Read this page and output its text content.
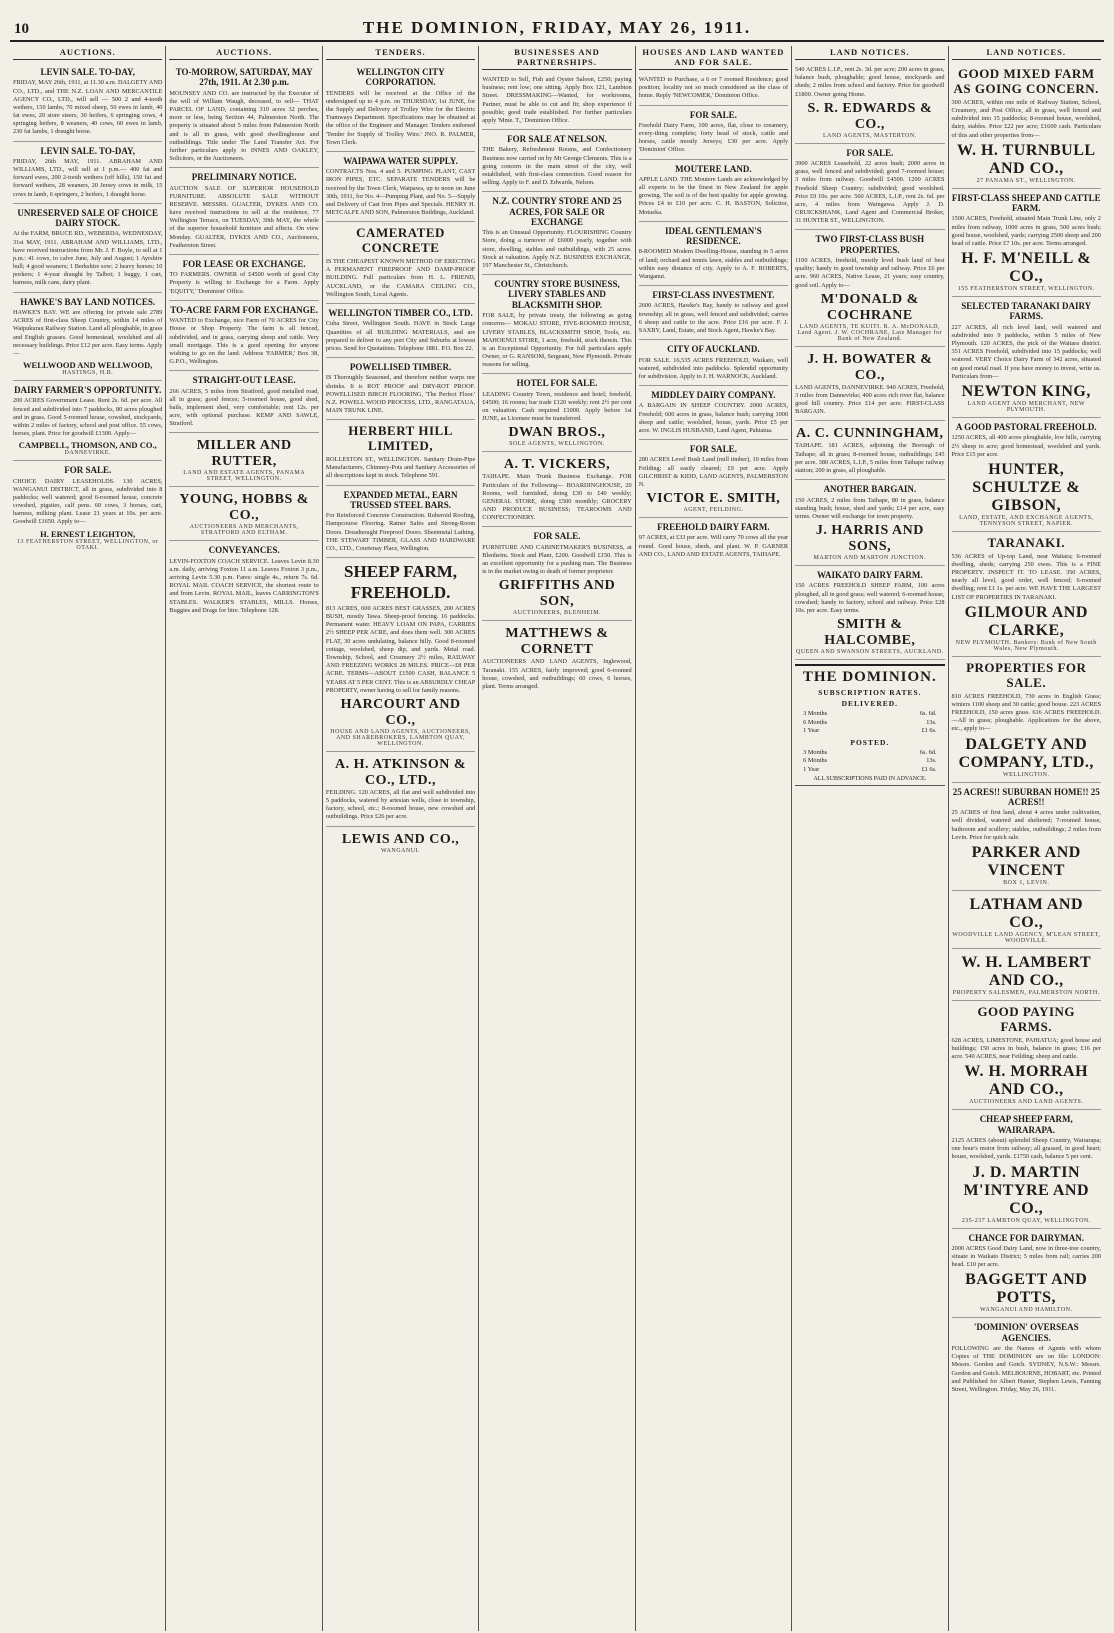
10	THE DOMINION, FRIDAY, MAY 26, 1911.
AUCTIONS.
LEVIN SALE. TO-DAY,
FRIDAY, MAY 26th, 1911, at 11.30 a.m. DALGETY AND CO., LTD., and THE N.Z. LOAN AND MERCANTILE AGENCY CO., LTD., will sell — 500 2 and 4-tooth wethers, 150 lambs, 70 mixed sheep, 50 ewes in lamb, 40 fat ewes, 20 store steers, 30 heifers, 6 springing cows, 4 springing heifers, 8 weaners, 40 cows, 60 ewes in lamb, 230 fat lambs, 1 draught horse.
LEVIN SALE. TO-DAY,
FRIDAY, 26th MAY, 1911. ABRAHAM AND WILLIAMS, LTD., will sell at 1 p.m.— 400 fat and forward ewes, 200 2-tooth wethers (off hills), 150 fat and forward wethers, 28 weaners, 20 Jersey cows in milk, 15 cows in lamb, 6 springers, 2 heifers, 1 draught horse.
UNRESERVED SALE OF CHOICE DAIRY STOCK.
At the FARM, BRUCE RD., WEBERDA, WEDNESDAY, 31st MAY, 1911. ABRAHAM AND WILLIAMS, LTD., have received instructions from Mr. J. F. Boyle, to sell at 1 p.m.: 41 cows, to calve June, July and August; 1 Ayrshire bull; 4 good weaners; 1 Berkshire sow; 2 heavy horses; 10 porkers; 1 4-year draught by Talbot; 1 buggy, 1 cart, harness, milk cans, dairy plant.
HAWKE'S BAY LAND NOTICES.
HAWKE'S BAY. WE are offering for private sale 2789 ACRES of first-class Sheep Country, within 14 miles of Waipukurau Railway Station. Land all ploughable, in grass and English grasses. Good homestead, woolshed and all necessary buildings. Price £12 per acre. Easy terms. Apply—
WELLWOOD AND WELLWOOD,
HASTINGS, H.B.
DAIRY FARMER'S OPPORTUNITY.
200 ACRES Government Lease. Rent 2s. 6d. per acre. All fenced and subdivided into 7 paddocks, 80 acres ploughed and in grass. Good 5-roomed house, cowshed, stockyards, within 2 miles of factory, school and post office. 55 cows, horses, plant. Price for goodwill £1300. Apply—
CAMPBELL, THOMSON, AND CO.,
DANNEVIRKE.
FOR SALE.
CHOICE DAIRY LEASEHOLDS. 130 ACRES, WANGANUI DISTRICT, all in grass, subdivided into 8 paddocks; well watered; good 6-roomed house, concrete cowshed, pigsties, calf pens. 60 cows, 3 horses, cart, harness, milking plant. Lease 21 years at 10s. per acre. Goodwill £1650. Apply to—
H. ERNEST LEIGHTON,
13 FEATHERSTON STREET, WELLINGTON, or OTAKI.
AUCTIONS.
TO-MORROW, SATURDAY, MAY 27th, 1911. At 2.30 p.m.
MOUNSEY AND CO. are instructed by the Executor of the will of William Waugh, deceased, to sell— THAT PARCEL OF LAND, containing 310 acres 32 perches, more or less, being Section 44, Palmerston North. The property is situated about 5 miles from Palmerston North and is all in grass, with good dwellinghouse and outbuildings. Title under The Land Transfer Act. For further particulars apply to INNES AND OAKLEY, Solicitors, or the Auctioneers.
PRELIMINARY NOTICE.
AUCTION SALE OF SUPERIOR HOUSEHOLD FURNITURE. ABSOLUTE SALE WITHOUT RESERVE. MESSRS. GUALTER, DYKES AND CO. have received instructions to sell at the residence, 77 Wellington Terrace, on TUESDAY, 30th MAY, the whole of the superior household furniture and effects. On view Monday. GUALTER, DYKES AND CO., Auctioneers, Featherston Street.
FOR LEASE OR EXCHANGE.
TO FARMERS. OWNER of £4500 worth of good City Property is willing to Exchange for a Farm. Apply 'EQUITY,' 'Dominion' Office.
TO-ACRE FARM FOR EXCHANGE.
WANTED to Exchange, nice Farm of 70 ACRES for City House or Shop Property. The farm is all fenced, subdivided, and in grass, carrying sheep and cattle. Very small mortgage. This is a good opening for anyone wishing to go on the land. Address 'FARMER,' Box 38, G.P.O., Wellington.
STRAIGHT-OUT LEASE.
266 ACRES, 5 miles from Stratford, good metalled road, all in grass; good fences; 5-roomed house, good shed, bails, implement shed, very comfortable; rent 12s. per acre, with optional purchase. KEMP AND SAWLE, Stratford.
MILLER AND RUTTER,
LAND AND ESTATE AGENTS, PANAMA STREET, WELLINGTON.
YOUNG, HOBBS & CO.,
AUCTIONEERS AND MERCHANTS, STRATFORD AND ELTHAM.
CONVEYANCES.
LEVIN-FOXTON COACH SERVICE. Leaves Levin 8.30 a.m. daily, arriving Foxton 11 a.m. Leaves Foxton 3 p.m., arriving Levin 5.30 p.m. Fares: single 4s., return 7s. 6d. ROYAL MAIL COACH SERVICE, the shortest route to and from Levin. ROYAL MAIL, leaves CARRINGTON'S STABLES. WALKER'S STABLES, MILLS. Horses, Buggies and Drags for hire. Telephone 128.
TENDERS.
WELLINGTON CITY CORPORATION.
TENDERS will be received at the Office of the undersigned up to 4 p.m. on THURSDAY, 1st JUNE, for the Supply and Delivery of Trolley Wire for the Electric Tramways Department. Specifications may be obtained at the office of the Engineer and Manager. Tenders endorsed 'Tender for Supply of Trolley Wire.' JNO. R. PALMER, Town Clerk.
WAIPAWA WATER SUPPLY.
CONTRACTS Nos. 4 and 5. PUMPING PLANT, CAST IRON PIPES, ETC. SEPARATE TENDERS will be received by the Town Clerk, Waipawa, up to noon on June 30th, 1911, for No. 4—Pumping Plant, and No. 5—Supply and Delivery of Cast Iron Pipes and Specials. HENRY H. METCALFE AND SON, Palmerston Buildings, Auckland.
CAMERATED CONCRETE
IS THE CHEAPEST KNOWN METHOD OF ERECTING A PERMANENT FIREPROOF AND DAMP-PROOF BUILDING. Full particulars from H. L. FRIEND, AUCKLAND, or the CAMARA CEILING CO., Wellington South, Local Agents.
WELLINGTON TIMBER CO., LTD.
Cuba Street, Wellington South. HAVE in Stock Large Quantities of all BUILDING MATERIALS, and are prepared to deliver to any port City and Suburbs at lowest prices. Send for Quotations. Telephone 1881. P.O. Box 22.
POWELLISED TIMBER.
IS Thoroughly Seasoned, and therefore neither warps nor shrinks. It is ROT PROOF and DRY-ROT PROOF. POWELLISED BIRCH FLOORING, 'The Perfect Floor.' N.Z. POWELL WOOD PROCESS, LTD., RANGATAUA, MAIN TRUNK LINE.
HERBERT HILL LIMITED,
ROLLESTON ST., WELLINGTON. Sanitary Drain-Pipe Manufacturers, Chimney-Pots and Sanitary Accessories of all descriptions kept in stock. Telephone 591.
EXPANDED METAL, EARN TRUSSED STEEL BARS.
For Reinforced Concrete Construction. Ruberoid Roofing, Dampcourse Flooring. Ratner Safes and Strong-Room Doors. Dreadnought Fireproof Doors. Sheetmetal Lathing. THE STEWART TIMBER, GLASS AND HARDWARE CO., LTD., Courtenay Place, Wellington.
SHEEP FARM, FREEHOLD.
813 ACRES, 600 ACRES BEST GRASSES, 200 ACRES BUSH, mostly Tawa. Sheep-proof fencing. 16 paddocks. Permanent water. HEAVY LOAM ON PAPA, CARRIES 2½ SHEEP PER ACRE, and does them well. 300 ACRES FLAT, 30 acres undulating, balance hilly. Good 8-roomed cottage, woolshed, sheep dip, and yards. Metal road. Township, School, and Creamery 2½ miles, RAILWAY AND FREEZING WORKS 28 MILES. PRICE—£8 PER ACRE. TERMS—ABOUT £1500 CASH, BALANCE 5 YEARS AT 5 PER CENT. This is an ABSURDLY CHEAP PROPERTY, owner having to sell for family reasons.
HARCOURT AND CO.,
HOUSE AND LAND AGENTS, AUCTIONEERS, AND SHAREBROKERS, LAMBTON QUAY, WELLINGTON.
A. H. ATKINSON & CO., LTD.,
FEILDING. 120 ACRES, all flat and well subdivided into 5 paddocks, watered by artesian wells, close to township, factory, school, etc.; 8-roomed house, new cowshed and outbuildings. Price £26 per acre.
LEWIS AND CO.,
WANGANUI.
BUSINESSES AND PARTNERSHIPS.
WANTED to Sell, Fish and Oyster Saloon, £250; paying business; rent low; one sitting. Apply Box 121, Lambton Street. DRESSMAKING—Wanted, for workrooms, Partner, must be able to cut and fit; shop experience if possible; good trade established. For further particulars apply 'Mme. T.,' Dominion Office.
FOR SALE AT NELSON.
THE Bakery, Refreshment Rooms, and Confectionery Business now carried on by Mr George Clements. This is a going concern in the main street of the city, well established, with first-class connection. Good reason for selling. Apply to F. and D. Edwards, Nelson.
N.Z. COUNTRY STORE AND 25 ACRES, FOR SALE OR EXCHANGE
This is an Unusual Opportunity. FLOURISHING Country Store, doing a turnover of £6000 yearly, together with store, dwelling, stables and outbuildings, with 25 acres. Stock at valuation. Apply N.Z. BUSINESS EXCHANGE, 197 Manchester St., Christchurch.
COUNTRY STORE BUSINESS, LIVERY STABLES AND BLACKSMITH SHOP.
FOR SALE, by private treaty, the following as going concerns— MOKAU STORE, FIVE-ROOMED HOUSE, LIVERY STABLES, BLACKSMITH SHOP, Tools, etc. MAHOENUI STORE, 1 acre, freehold, stock therein. This is an Exceptional Opportunity. For full particulars apply Owner, or G. RANSOM, Sergeant, New Plymouth. Private reasons for selling.
HOTEL FOR SALE.
LEADING Country Town, residence and hotel; freehold, £4500; 16 rooms; bar trade £120 weekly; rent 2½ per cent on valuation. Cash required £1000. Apply before 1st JUNE, as Licensee must be transferred.
DWAN BROS.,
SOLE AGENTS, WELLINGTON.
A. T. VICKERS,
TAIHAPE. Main Trunk Business Exchange. FOR Particulars of the Following— BOARDINGHOUSE, 20 Rooms, well furnished, doing £30 to £40 weekly; GENERAL STORE, doing £500 monthly; GROCERY AND PRODUCE BUSINESS; TEAROOMS AND CONFECTIONERY.
FOR SALE.
FURNITURE AND CABINETMAKER'S BUSINESS, at Blenheim. Stock and Plant, £200. Goodwill £150. This is an excellent opportunity for a pushing man. The Business is in the market owing to death of former proprietor.
GRIFFITHS AND SON,
AUCTIONEERS, BLENHEIM.
MATTHEWS & CORNETT
AUCTIONEERS AND LAND AGENTS, Inglewood, Taranaki. 155 ACRES, fairly improved; good 6-roomed house, cowshed, and outbuildings; 60 cows, 6 horses, plant. Terms arranged.
HOUSES AND LAND WANTED AND FOR SALE.
WANTED to Purchase, a 6 or 7 roomed Residence; good position; locality not so much considered as the class of home. Reply 'NEWCOMER,' Dominion Office.
FOR SALE.
Freehold Dairy Farm, 100 acres, flat, close to creamery, every-thing complete; forty head of stock, cattle and horses, cattle mostly Jerseys; £30 per acre. Apply 'Dominion' Office.
MOUTERE LAND.
APPLE LAND. THE Moutere Lands are acknowledged by all experts to be the finest in New Zealand for apple growing. The soil is of the best quality for apple growing. Prices £4 to £10 per acre. C. H. BASTON, Solicitor, Motueka.
IDEAL GENTLEMAN'S RESIDENCE.
8-ROOMED Modern Dwelling-House, standing in 5 acres of land; orchard and tennis lawn, stables and outbuildings; within easy distance of city. Apply to A. F. ROBERTS, Wanganui.
FIRST-CLASS INVESTMENT.
2600 ACRES, Hawke's Bay, handy to railway and good township; all in grass, well fenced and subdivided; carries 6 sheep and cattle to the acre. Price £16 per acre. F. J. SAXBY, Land, Estate, and Stock Agent, Hawke's Bay.
CITY OF AUCKLAND.
FOR SALE. 16,535 ACRES FREEHOLD, Waikato, well watered, subdivided into paddocks. Splendid opportunity for subdivision. Apply to J. H. WARNOCK, Auckland.
MIDDLEY DAIRY COMPANY.
A BARGAIN IN SHEEP COUNTRY. 2000 ACRES, Freehold; 600 acres in grass, balance bush; carrying 1000 sheep and cattle; woolshed, house, yards. Price £5 per acre. W. INGLIS HUSBAND, Land Agent, Pahiatua.
FOR SALE.
280 ACRES Level Bush Land (mill timber), 10 miles from Feilding; all easily cleared; £9 per acre. Apply GILCHRIST & KIDD, LAND AGENTS, PALMERSTON N.
VICTOR E. SMITH,
AGENT, FEILDING.
FREEHOLD DAIRY FARM.
97 ACRES, at £33 per acre. Will carry 70 cows all the year round. Good house, sheds, and plant. W. P. GARNER AND CO., LAND AND ESTATE AGENTS, TAIHAPE.
LAND NOTICES.
540 ACRES L.I.P., rent 2s. 3d. per acre; 200 acres in grass, balance bush, ploughable; good house, stockyards and sheds; 2 miles from school and factory. Price for goodwill £1800. Owner going Home.
S. R. EDWARDS & CO.,
LAND AGENTS, MASTERTON.
FOR SALE.
3900 ACRES Leasehold, 22 acres bush; 2000 acres in grass, well fenced and subdivided; good 7-roomed house; 3 miles from railway. Goodwill £4500. 1200 ACRES Freehold Sheep Country; subdivided; good woolshed. Price £9 10s. per acre. 560 ACRES, L.I.P., rent 2s. 6d. per acre, 4 miles from Waingawa. Apply J. D. CRUICKSHANK, Land Agent and Commercial Broker, 31 HUNTER ST., WELLINGTON.
TWO FIRST-CLASS BUSH PROPERTIES.
1100 ACRES, freehold, mostly level bush land of best quality; handy to good township and railway. Price £6 per acre. 960 ACRES, Native Lease, 21 years; easy country, good soil. Apply to—
M'DONALD & COCHRANE
LAND AGENTS, TE KUITI. R. A. McDONALD, Land Agent. J. W. COCHRANE, Late Manager for Bank of New Zealand.
J. H. BOWATER & CO.,
LAND AGENTS, DANNEVIRKE. 940 ACRES, Freehold, 3 miles from Dannevirke; 400 acres rich river flat, balance good hill country. Price £14 per acre. FIRST-CLASS BARGAIN.
A. C. CUNNINGHAM,
TAIHAPE. 181 ACRES, adjoining the Borough of Taihape; all in grass; 8-roomed house, outbuildings; £45 per acre. 380 ACRES, L.I.P., 5 miles from Taihape railway station; 200 in grass, all ploughable.
ANOTHER BARGAIN.
150 ACRES, 2 miles from Taihape, 80 in grass, balance standing bush; house, shed and yards; £14 per acre, easy terms. Owner will exchange for town property.
J. HARRIS AND SONS,
MARTON AND MARTON JUNCTION.
WAIKATO DAIRY FARM.
150 ACRES FREEHOLD SHEEP FARM, 100 acres ploughed, all in good grass; well watered; 6-roomed house, cowshed; handy to factory, school and railway. Price £28 10s. per acre. Easy terms.
SMITH & HALCOMBE,
QUEEN AND SWANSON STREETS, AUCKLAND.
THE DOMINION.
SUBSCRIPTION RATES.
DELIVERED.
3 Months	6s. 6d.
6 Months	13s.
1 Year	£1 6s.
POSTED.
3 Months	6s. 6d.
6 Months	13s.
1 Year	£1 6s.
ALL SUBSCRIPTIONS PAID IN ADVANCE.
LAND NOTICES.
GOOD MIXED FARM AS GOING CONCERN.
300 ACRES, within one mile of Railway Station, School, Creamery, and Post Office, all in grass, well fenced and subdivided into 15 paddocks; 8-roomed house, woolshed, dairy, stables. Price £22 per acre; £1600 cash. Particulars of this and other properties from—
W. H. TURNBULL AND CO.,
27 PANAMA ST., WELLINGTON.
FIRST-CLASS SHEEP AND CATTLE FARM.
1500 ACRES, Freehold, situated Main Trunk Line, only 2 miles from railway, 1000 acres in grass, 500 acres bush; good house, woolshed, yards; carrying 2500 sheep and 200 head of cattle. Price £7 10s. per acre. Terms arranged.
H. F. M'NEILL & CO.,
155 FEATHERSTON STREET, WELLINGTON.
SELECTED TARANAKI DAIRY FARMS.
227 ACRES, all rich level land, well watered and subdivided into 9 paddocks, within 5 miles of New Plymouth. 120 ACRES, the pick of the Waitara district. 351 ACRES Freehold, subdivided into 15 paddocks; well watered. VERY Choice Dairy Farm of 342 acres, situated on good metal road. If you have money to invest, write us. Particulars from—
NEWTON KING,
LAND AGENT AND MERCHANT, NEW PLYMOUTH.
A GOOD PASTORAL FREEHOLD.
1250 ACRES, all 400 acres ploughable, low hills, carrying 2½ sheep to acre; good homestead, woolshed and yards. Price £15 per acre.
HUNTER, SCHULTZE & GIBSON,
LAND, ESTATE, AND EXCHANGE AGENTS, TENNYSON STREET, NAPIER.
TARANAKI.
536 ACRES of Up-top Land, near Waitara; 6-roomed dwelling, sheds; carrying 250 ewes. This is a FINE PROPERTY. INSPECT IT. TO LEASE. 350 ACRES, nearly all level, good order, well fenced; 6-roomed dwelling; rent £1 1s. per acre. WE HAVE THE LARGEST LIST OF PROPERTIES IN TARANAKI.
GILMOUR AND CLARKE,
NEW PLYMOUTH. Bankers: Bank of New South Wales, New Plymouth.
PROPERTIES FOR SALE.
810 ACRES FREEHOLD, 730 acres in English Grass; winters 1100 sheep and 30 cattle; good house. 223 ACRES FREEHOLD, 150 acres grass. 616 ACRES FREEHOLD.—All in grass; ploughable. Applications for the above, etc., apply to—
DALGETY AND COMPANY, LTD.,
WELLINGTON.
25 ACRES!! SUBURBAN HOME!! 25 ACRES!!
25 ACRES of first land, about 4 acres under cultivation, well divided, watered and sheltered; 7-roomed house, bathroom and scullery; stables, outbuildings; 2 miles from Levin. Price for quick sale.
PARKER AND VINCENT
BOX 1, LEVIN.
LATHAM AND CO.,
WOODVILLE LAND AGENCY, M'LEAN STREET, WOODVILLE.
W. H. LAMBERT AND CO.,
PROPERTY SALESMEN, PALMERSTON NORTH.
GOOD PAYING FARMS.
628 ACRES, LIMESTONE, PAHIATUA; good house and buildings; 150 acres in bush, balance in grass; £16 per acre. 540 ACRES, near Feilding; sheep and cattle.
W. H. MORRAH AND CO.,
AUCTIONEERS AND LAND AGENTS.
CHEAP SHEEP FARM, WAIRARAPA.
2125 ACRES (about) splendid Sheep Country, Wairarapa; one hour's motor from railway; all grassed, in good heart; house, woolshed, yards. £1750 cash, balance 5 per cent.
J. D. MARTIN M'INTYRE AND CO.,
235-237 LAMBTON QUAY, WELLINGTON.
CHANCE FOR DAIRYMAN.
2000 ACRES Good Dairy Land, now in three-tree country, situate in Waikato District; 5 miles from rail; carries 200 head. £10 per acre.
BAGGETT AND POTTS,
WANGANUI AND HAMILTON.
'DOMINION' OVERSEAS AGENCIES.
FOLLOWING are the Names of Agents with whom Copies of THE DOMINION are on file: LONDON: Messrs. Gordon and Gotch. SYDNEY, N.S.W.: Messrs. Gordon and Gotch. MELBOURNE, HOBART, etc. Printed and Published for Albert Hunter, Stephen Lewis, Fanning Street, Wellington. Friday, May 26, 1911.
